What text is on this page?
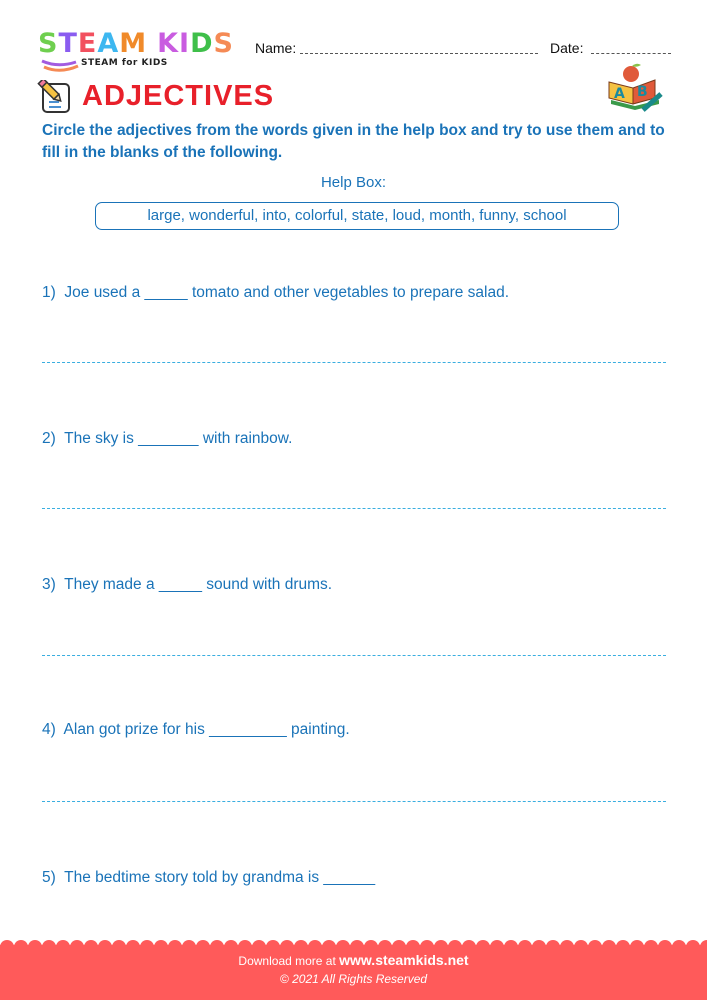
STEAM KIDS
STEAM for KIDS
Name:	Date:
ADJECTIVES	A B
Circle the adjectives from the words given in the help box and try to use them and to fill in the blanks of the following.
Help Box:
large, wonderful, into, colorful, state, loud, month, funny, school
1)  Joe used a _____ tomato and other vegetables to prepare salad.
2)  The sky is _______ with rainbow.
3)  They made a _____ sound with drums.
4)  Alan got prize for his _________ painting.
5)  The bedtime story told by grandma is ______
Download more at www.steamkids.net
© 2021 All Rights Reserved
